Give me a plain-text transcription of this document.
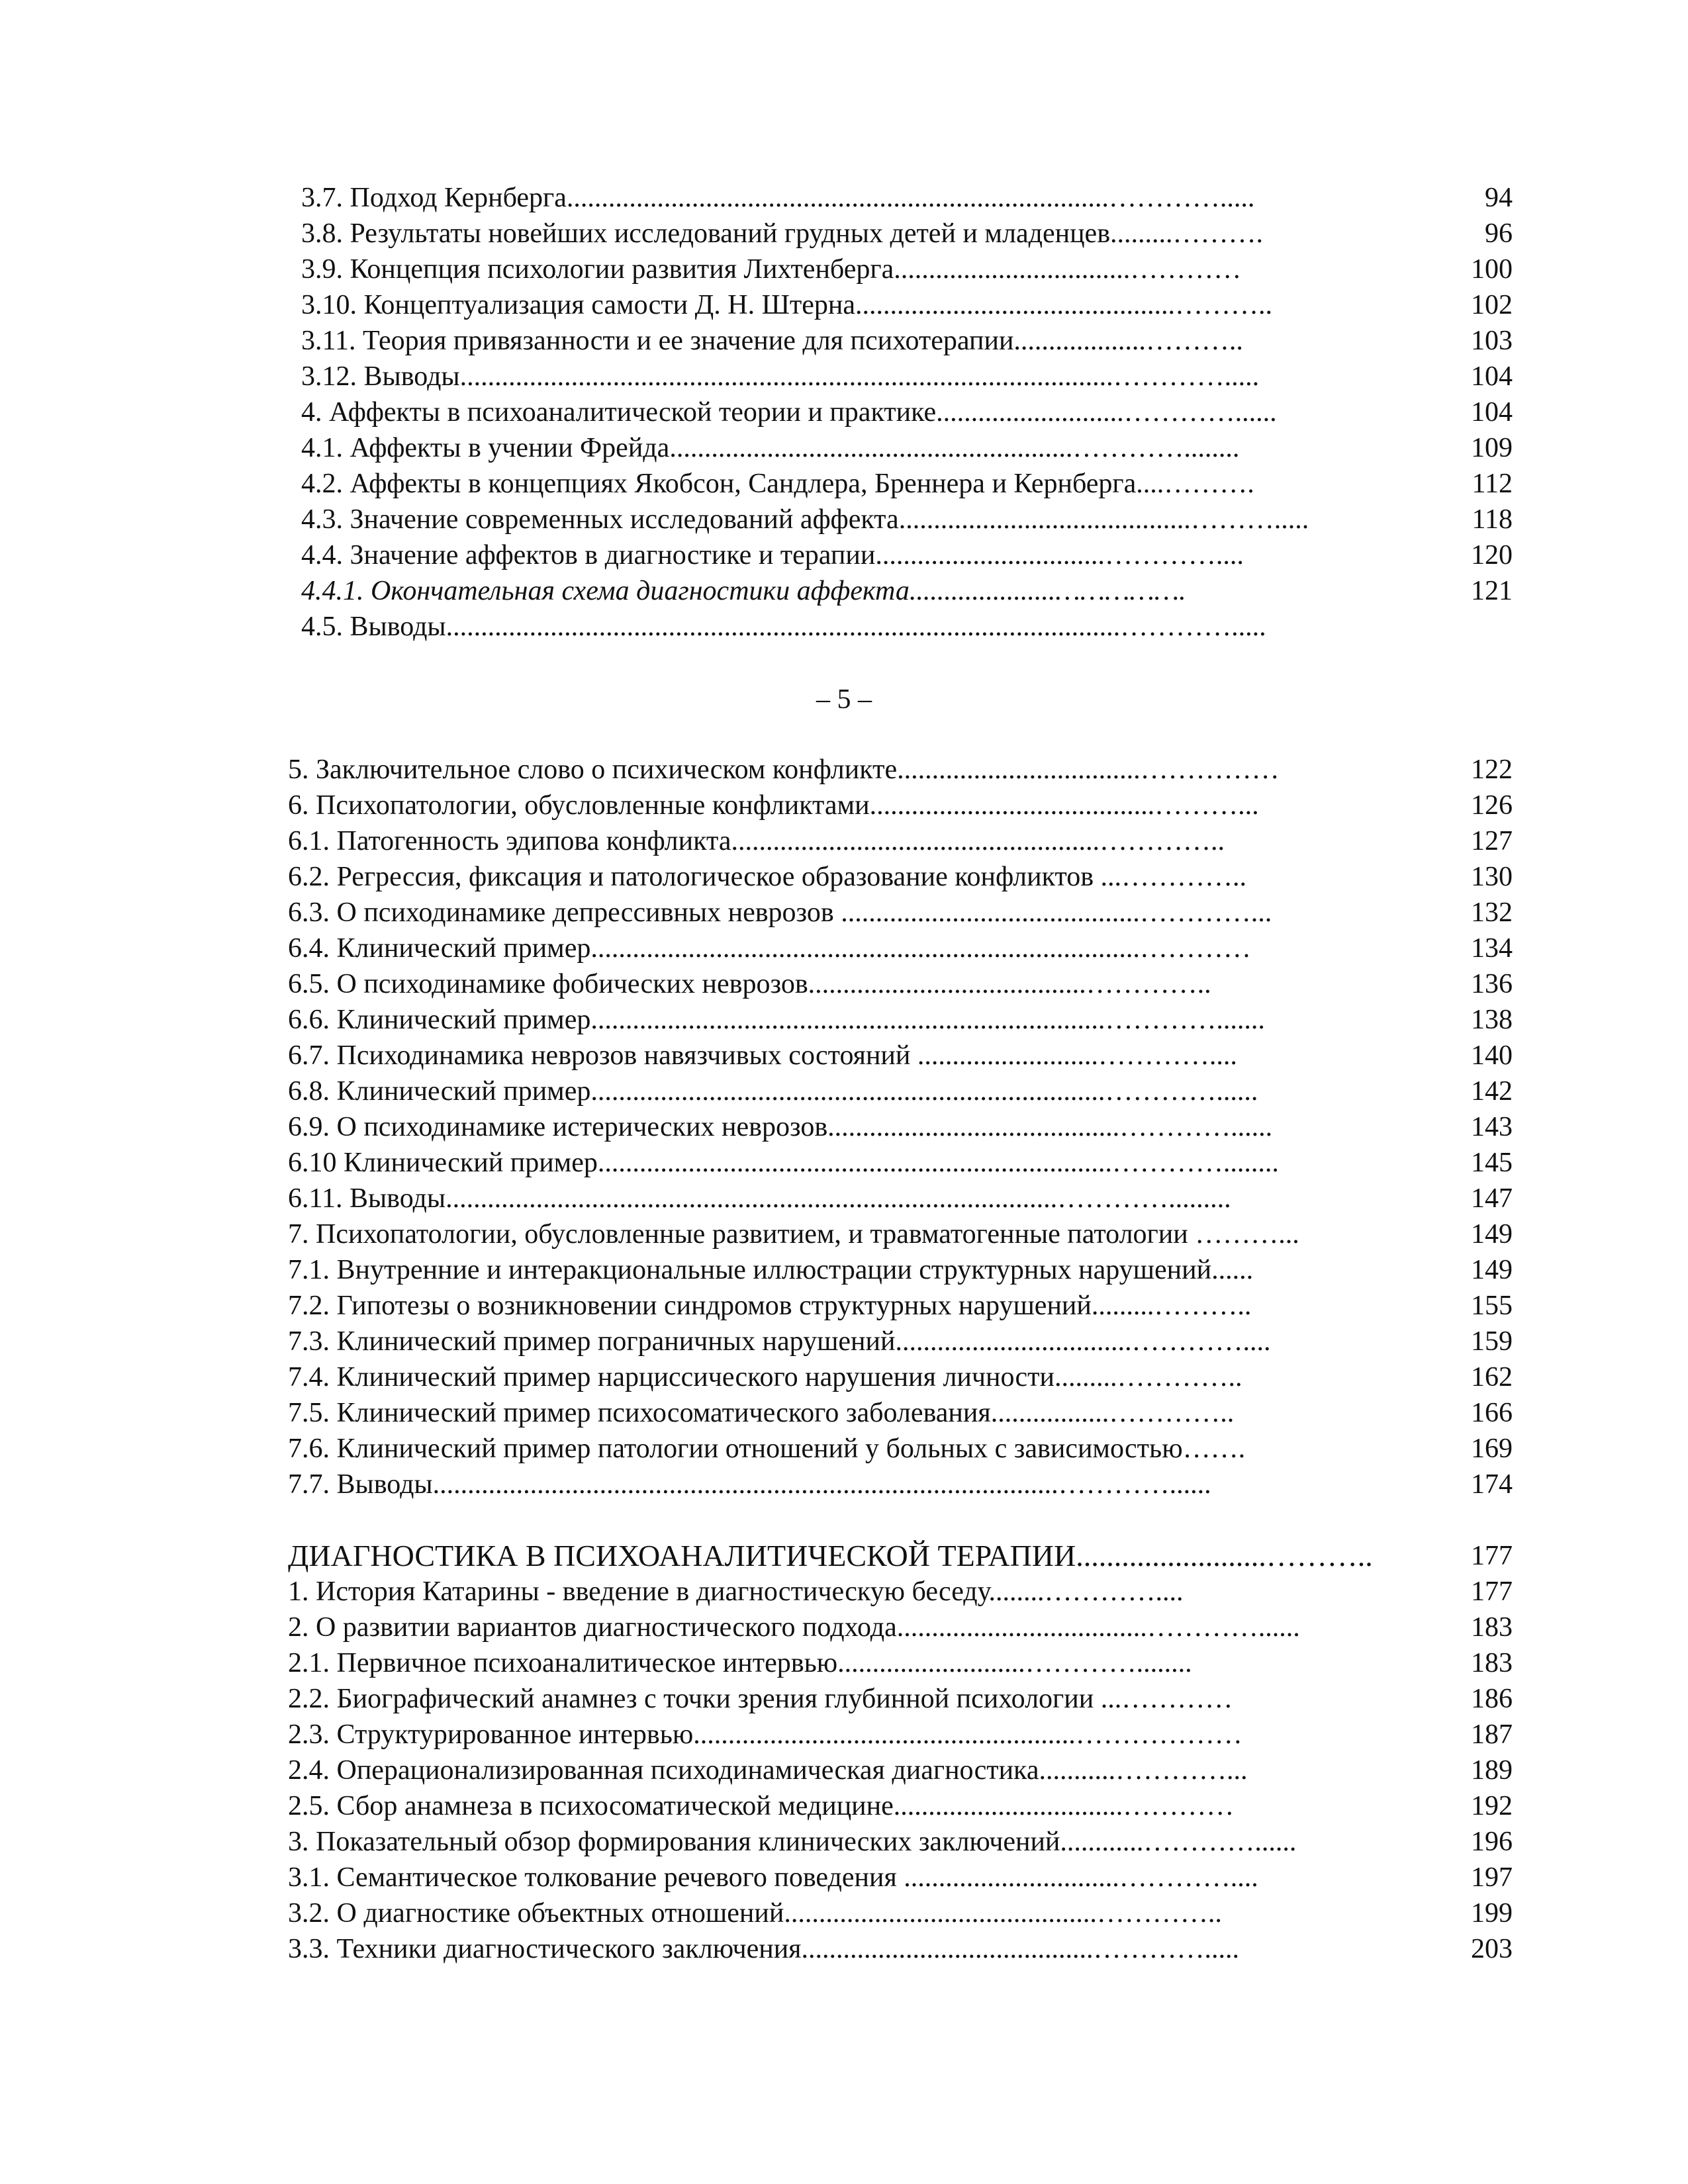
3.7. Подход Кернберга..............................................................................………….....	94
3.8. Результаты новейших исследований грудных детей и младенцев.........……….	96
3.9. Концепция психологии развития Лихтенберга..................................…………	100
3.10. Концептуализация самости Д. Н. Штерна..............................................………..	102
3.11. Теория привязанности и ее значение для психотерапии...................………..	103
3.12. Выводы..............................................................................................………….....	104
4. Аффекты в психоаналитической теории и практике...........................…………......	104
4.1. Аффекты в учении Фрейда..........................................................…………........	109
4.2. Аффекты в концепциях Якобсон, Сандлера, Бреннера и Кернберга....……….	112
4.3. Значение современных исследований аффекта..........................................……….....	118
4.4. Значение аффектов в диагностике и терапии.................................…………....	120
4.4.1. Окончательная схема диагностики аффекта.....................…………….	121
4.5. Выводы.................................................................................................………….....
– 5 –
5. Заключительное слово о психическом конфликте...................................……………	122
6. Психопатологии, обусловленные конфликтами.........................................………...	126
6.1. Патогенность эдипова конфликта.....................................................…………..	127
6.2. Регрессия, фиксация и патологическое образование конфликтов ...…………..	130
6.3. О психодинамике депрессивных неврозов ...........................................…………...	132
6.4. Клинический пример...............................................................................…………	134
6.5. О психодинамике фобических неврозов........................................…………..	136
6.6. Клинический пример..........................................................................………….......	138
6.7. Психодинамика неврозов навязчивых состояний ..........................…………....	140
6.8. Клинический пример..........................................................................…………......	142
6.9. О психодинамике истерических неврозов..........................................…………......	143
6.10 Клинический пример..........................................................................…………........	145
6.11. Выводы........................................................................................………….........	147
7. Психопатологии, обусловленные развитием, и травматогенные патологии ………...	149
7.1. Внутренние и интеракциональные иллюстрации структурных нарушений......	149
7.2. Гипотезы о возникновении синдромов структурных нарушений.........………..	155
7.3. Клинический пример пограничных нарушений..................................…………....	159
7.4. Клинический пример нарциссического нарушения личности.........…………..	162
7.5. Клинический пример психосоматического заболевания.................…………..	166
7.6. Клинический пример патологии отношений у больных с зависимостью…….	169
7.7. Выводы..........................................................................................…………......	174
ДИАГНОСТИКА В ПСИХОАНАЛИТИЧЕСКОЙ ТЕРАПИИ.........................………..	177
1. История Катарины - введение в диагностическую беседу........…………....	177
2. О развитии вариантов диагностического подхода....................................…………......	183
2.1. Первичное психоаналитическое интервью...........................…………........	183
2.2. Биографический анамнез с точки зрения глубинной психологии ...…………	186
2.3. Структурированное интервью.......................................................………………	187
2.4. Операционализированная психодинамическая диагностика...........…………...	189
2.5. Сбор анамнеза в психосоматической медицине.................................…………	192
3. Показательный обзор формирования клинических заключений............…………......	196
3.1. Семантическое толкование речевого поведения ...............................…………....	197
3.2. О диагностике объектных отношений.............................................…………..	199
3.3. Техники диагностического заключения..........................................………….....	203
